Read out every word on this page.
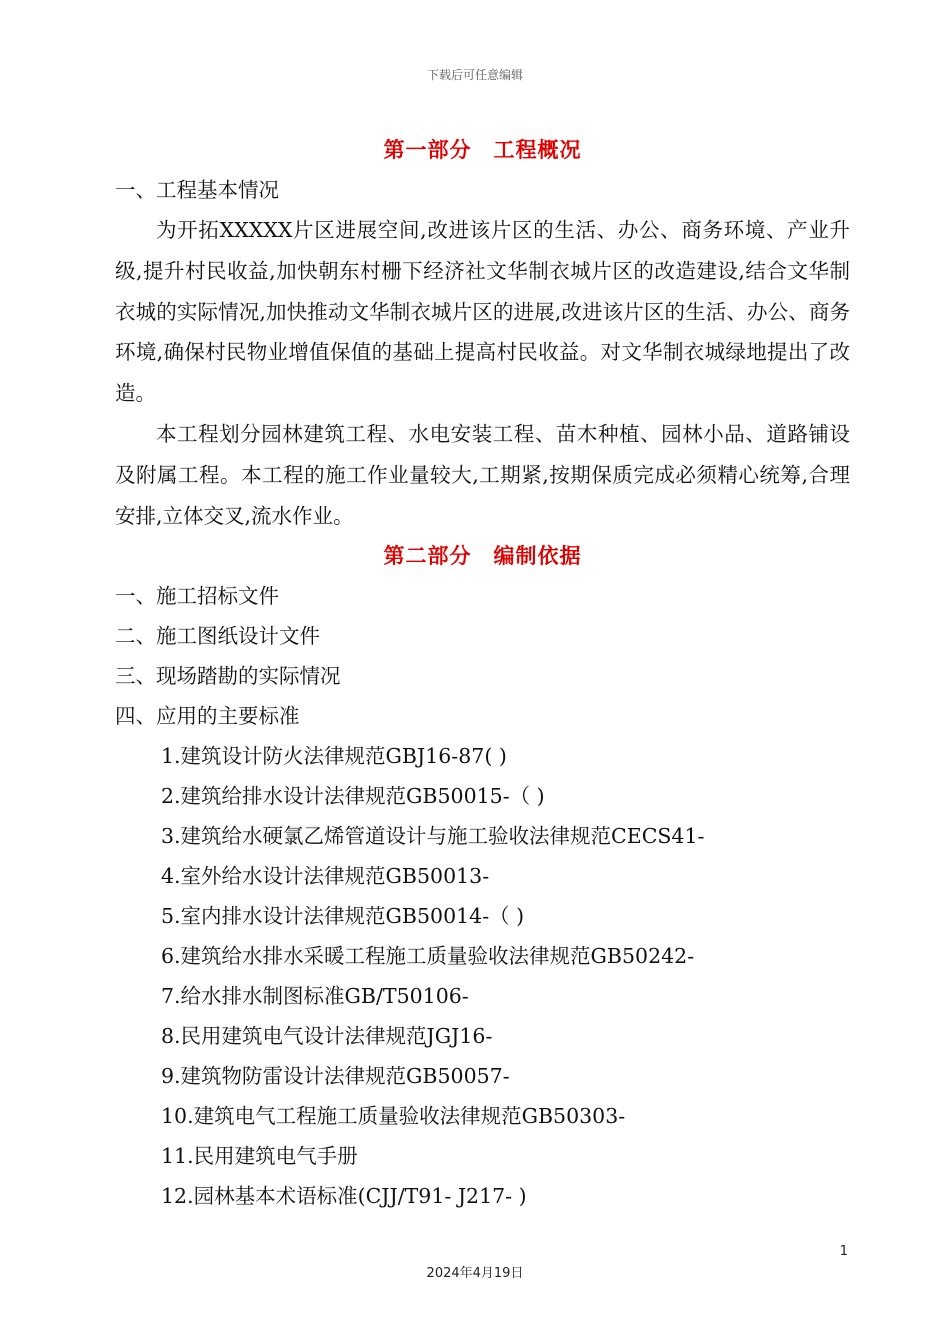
下载后可任意编辑
第一部分　工程概况
一、工程基本情况

为开拓XXXXX片区进展空间,改进该片区的生活、办公、商务环境、产业升级,提升村民收益,加快朝东村栅下经济社文华制衣城片区的改造建设,结合文华制衣城的实际情况,加快推动文华制衣城片区的进展,改进该片区的生活、办公、商务环境,确保村民物业增值保值的基础上提高村民收益。对文华制衣城绿地提出了改造。

本工程划分园林建筑工程、水电安装工程、苗木种植、园林小品、道路铺设及附属工程。本工程的施工作业量较大,工期紧,按期保质完成必须精心统筹,合理安排,立体交叉,流水作业。

第二部分　编制依据
一、施工招标文件
二、施工图纸设计文件
三、现场踏勘的实际情况
四、应用的主要标准
1.建筑设计防火法律规范GBJ16-87( )
2.建筑给排水设计法律规范GB50015-（ )
3.建筑给水硬氯乙烯管道设计与施工验收法律规范CECS41-
4.室外给水设计法律规范GB50013-
5.室内排水设计法律规范GB50014-（ )
6.建筑给水排水采暖工程施工质量验收法律规范GB50242-
7.给水排水制图标准GB/T50106-
8.民用建筑电气设计法律规范JGJ16-
9.建筑物防雷设计法律规范GB50057-
10.建筑电气工程施工质量验收法律规范GB50303-
11.民用建筑电气手册
12.园林基本术语标准(CJJ/T91- J217- )
1
2024年4月19日
